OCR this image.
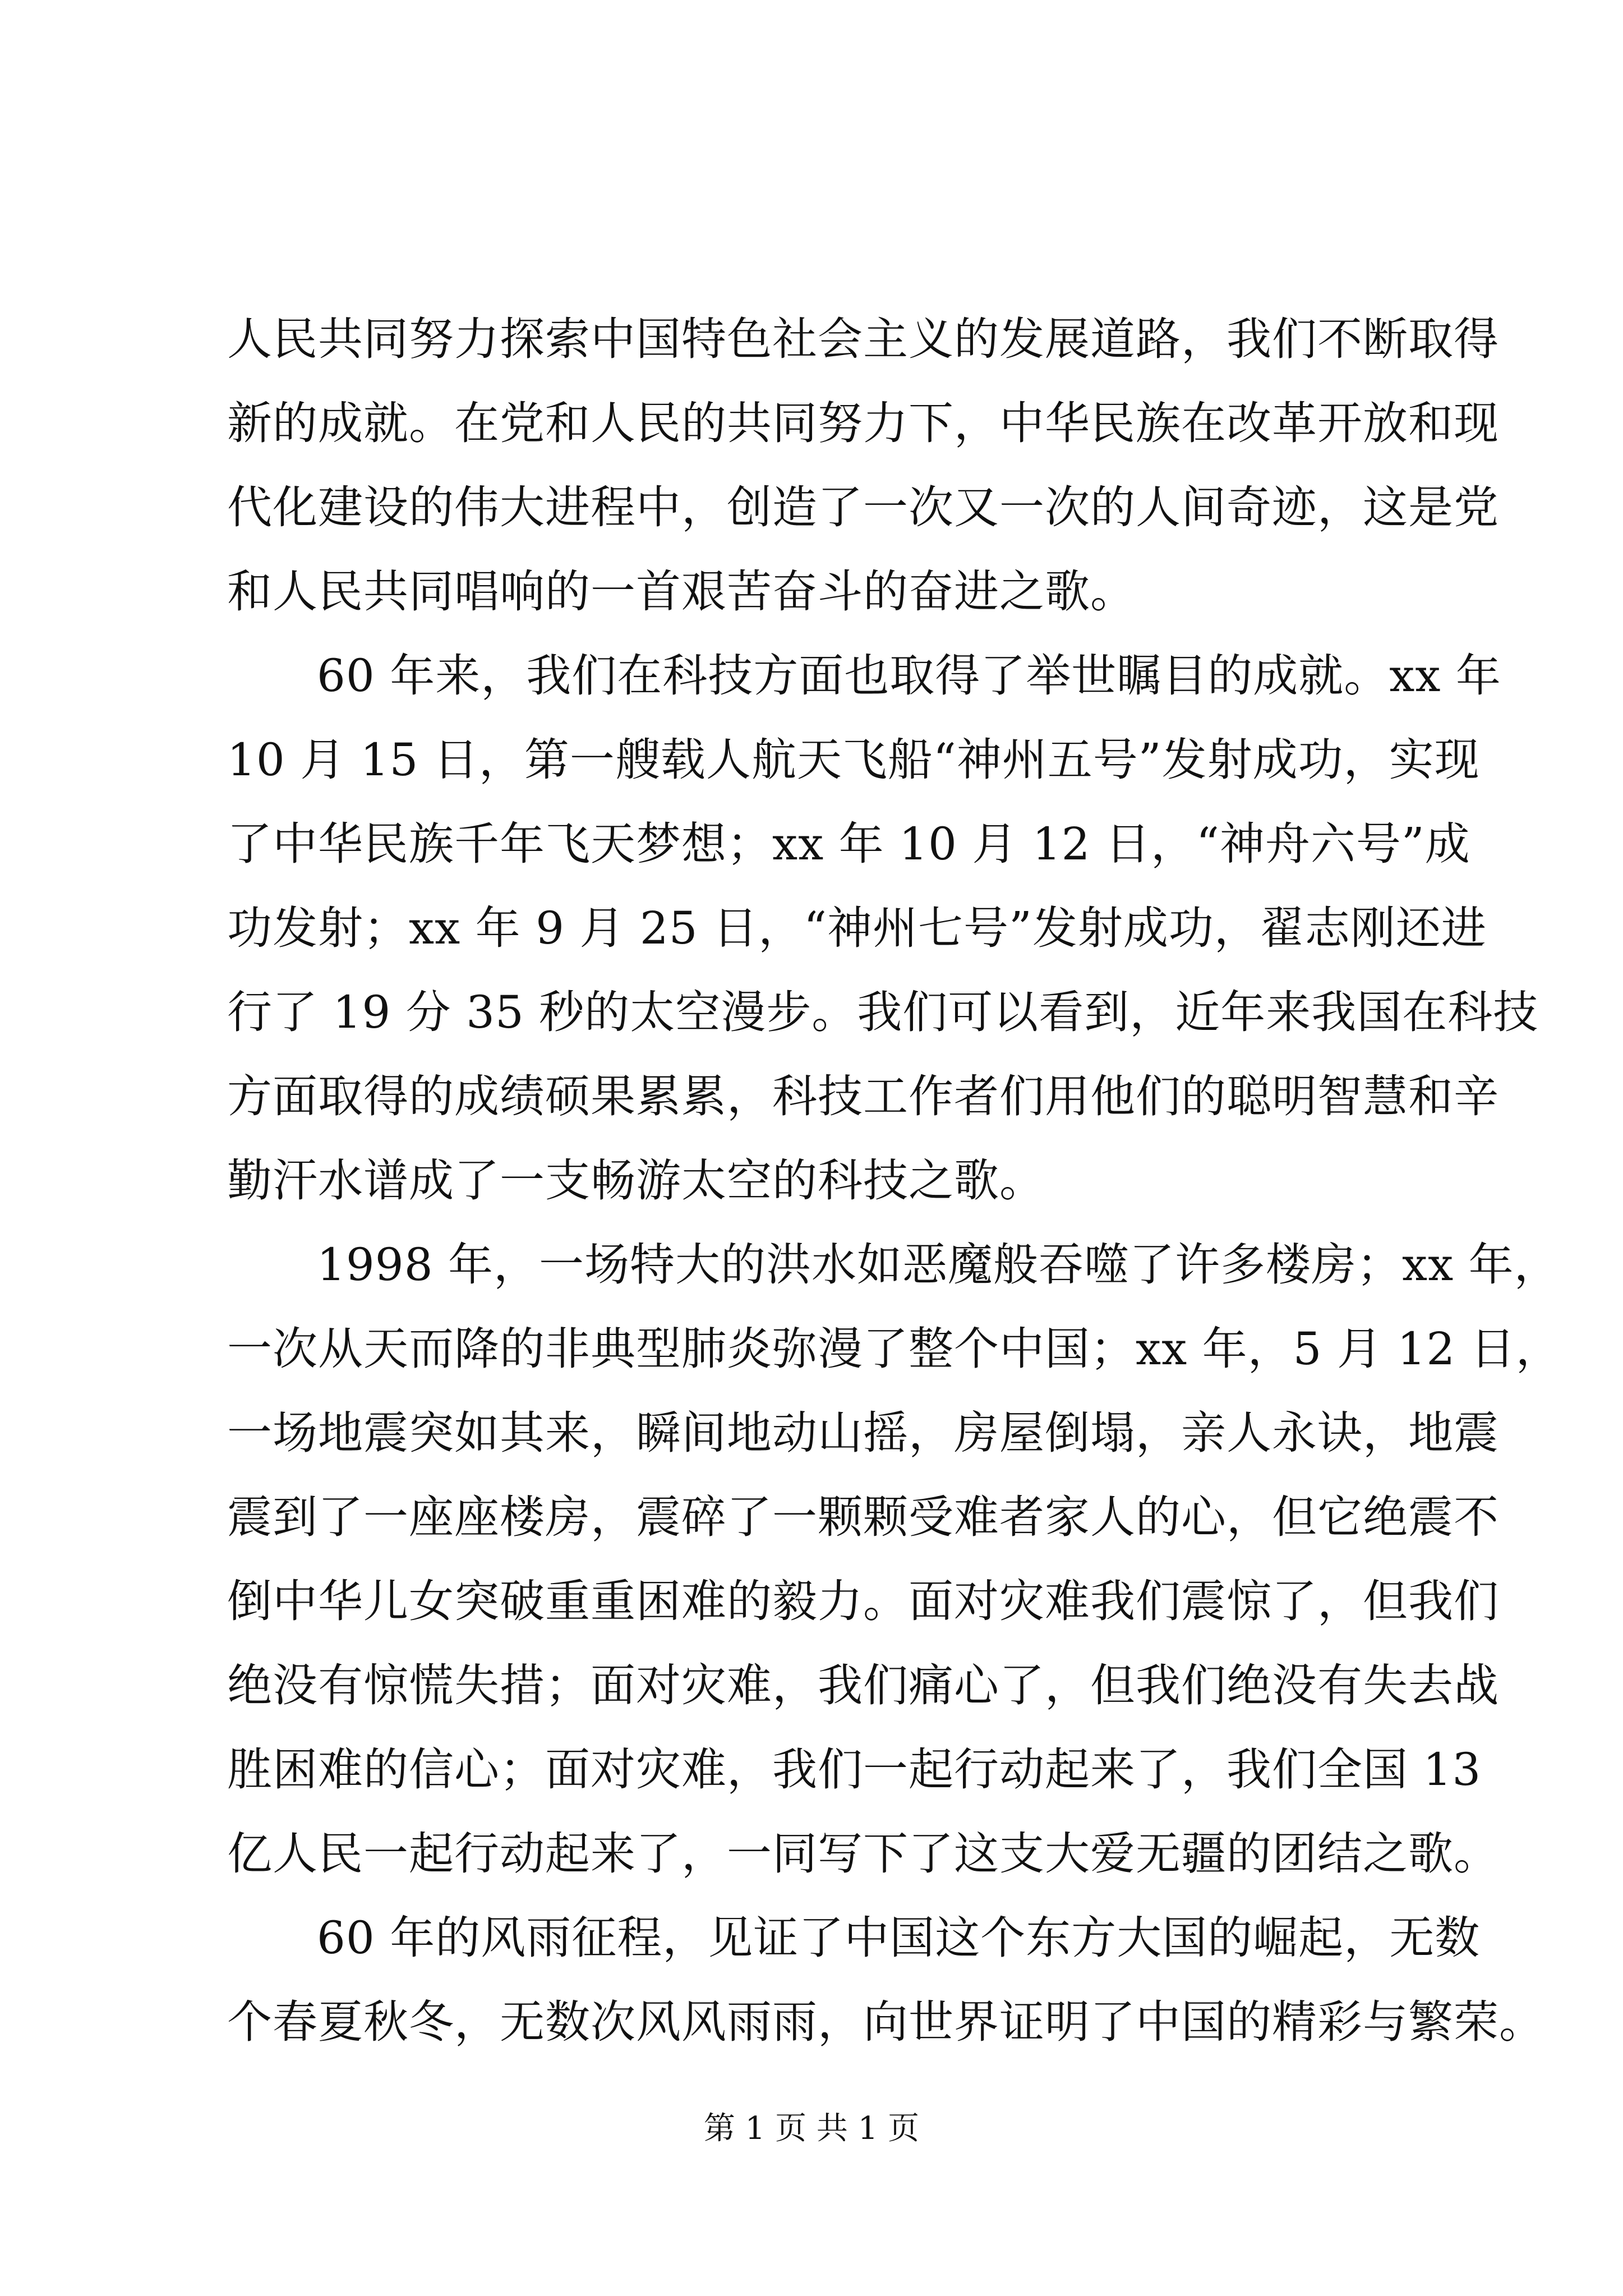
人民共同努力探索中国特色社会主义的发展道路，我们不断取得
新的成就。在党和人民的共同努力下，中华民族在改革开放和现
代化建设的伟大进程中，创造了一次又一次的人间奇迹，这是党
和人民共同唱响的一首艰苦奋斗的奋进之歌。
60 年来，我们在科技方面也取得了举世瞩目的成就。xx 年
10 月 15 日，第一艘载人航天飞船“神州五号”发射成功，实现
了中华民族千年飞天梦想；xx 年 10 月 12 日，“神舟六号”成
功发射；xx 年 9 月 25 日，“神州七号”发射成功，翟志刚还进
行了 19 分 35 秒的太空漫步。我们可以看到，近年来我国在科技
方面取得的成绩硕果累累，科技工作者们用他们的聪明智慧和辛
勤汗水谱成了一支畅游太空的科技之歌。
1998 年，一场特大的洪水如恶魔般吞噬了许多楼房；xx 年，
一次从天而降的非典型肺炎弥漫了整个中国；xx 年，5 月 12 日，
一场地震突如其来，瞬间地动山摇，房屋倒塌，亲人永诀，地震
震到了一座座楼房，震碎了一颗颗受难者家人的心，但它绝震不
倒中华儿女突破重重困难的毅力。面对灾难我们震惊了，但我们
绝没有惊慌失措；面对灾难，我们痛心了，但我们绝没有失去战
胜困难的信心；面对灾难，我们一起行动起来了，我们全国 13
亿人民一起行动起来了，一同写下了这支大爱无疆的团结之歌。
60 年的风雨征程，见证了中国这个东方大国的崛起，无数
个春夏秋冬，无数次风风雨雨，向世界证明了中国的精彩与繁荣。
第 1 页 共 1 页
